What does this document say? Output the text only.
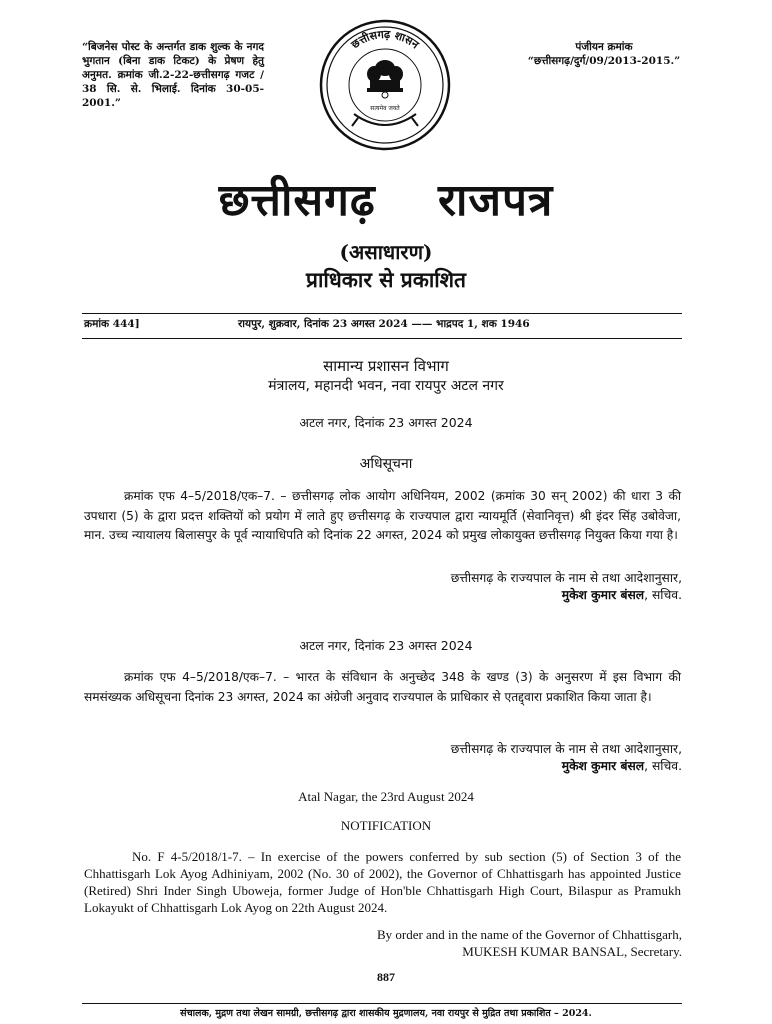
“बिजनेस पोस्ट के अन्तर्गत डाक शुल्क के नगद भुगतान (बिना डाक टिकट) के प्रेषण हेतु अनुमत. क्रमांक जी.2-22-छत्तीसगढ़ गजट / 38 सि. से. भिलाई. दिनांक 30-05-2001.”
छत्तीसगढ़ शासन
सत्यमेव जयते
पंजीयन क्रमांक
“छत्तीसगढ़/दुर्ग/09/2013-2015.”
छत्तीसगढ़ राजपत्र
(असाधारण)
प्राधिकार से प्रकाशित
क्रमांक 444]	रायपुर, शुक्रवार, दिनांक 23 अगस्त 2024 —— भाद्रपद 1, शक 1946
सामान्य प्रशासन विभाग
मंत्रालय, महानदी भवन, नवा रायपुर अटल नगर
अटल नगर, दिनांक 23 अगस्त 2024
अधिसूचना
क्रमांक एफ 4–5/2018/एक–7. – छत्तीसगढ़ लोक आयोग अधिनियम, 2002 (क्रमांक 30 सन् 2002) की धारा 3 की उपधारा (5) के द्वारा प्रदत्त शक्तियों को प्रयोग में लाते हुए छत्तीसगढ़ के राज्यपाल द्वारा न्यायमूर्ति (सेवानिवृत्त) श्री इंदर सिंह उबोवेजा, मान. उच्च न्यायालय बिलासपुर के पूर्व न्यायाधिपति को दिनांक 22 अगस्त, 2024 को प्रमुख लोकायुक्त छत्तीसगढ़ नियुक्त किया गया है।
छत्तीसगढ़ के राज्यपाल के नाम से तथा आदेशानुसार,
मुकेश कुमार बंसल, सचिव.
अटल नगर, दिनांक 23 अगस्त 2024
क्रमांक एफ 4–5/2018/एक–7. – भारत के संविधान के अनुच्छेद 348 के खण्ड (3) के अनुसरण में इस विभाग की समसंख्यक अधिसूचना दिनांक 23 अगस्त, 2024 का अंग्रेजी अनुवाद राज्यपाल के प्राधिकार से एतद्द्वारा प्रकाशित किया जाता है।
छत्तीसगढ़ के राज्यपाल के नाम से तथा आदेशानुसार,
मुकेश कुमार बंसल, सचिव.
Atal Nagar, the 23rd August 2024
NOTIFICATION
No. F 4-5/2018/1-7. – In exercise of the powers conferred by sub section (5) of Section 3 of the Chhattisgarh Lok Ayog Adhiniyam, 2002 (No. 30 of 2002), the Governor of Chhattisgarh has appointed Justice (Retired) Shri Inder Singh Uboweja, former Judge of Hon'ble Chhattisgarh High Court, Bilaspur as Pramukh Lokayukt of Chhattisgarh Lok Ayog on 22th August 2024.
By order and in the name of the Governor of Chhattisgarh,
MUKESH KUMAR BANSAL, Secretary.
887
संचालक, मुद्रण तथा लेखन सामग्री, छत्तीसगढ़ द्वारा शासकीय मुद्रणालय, नवा रायपुर से मुद्रित तथा प्रकाशित – 2024.
